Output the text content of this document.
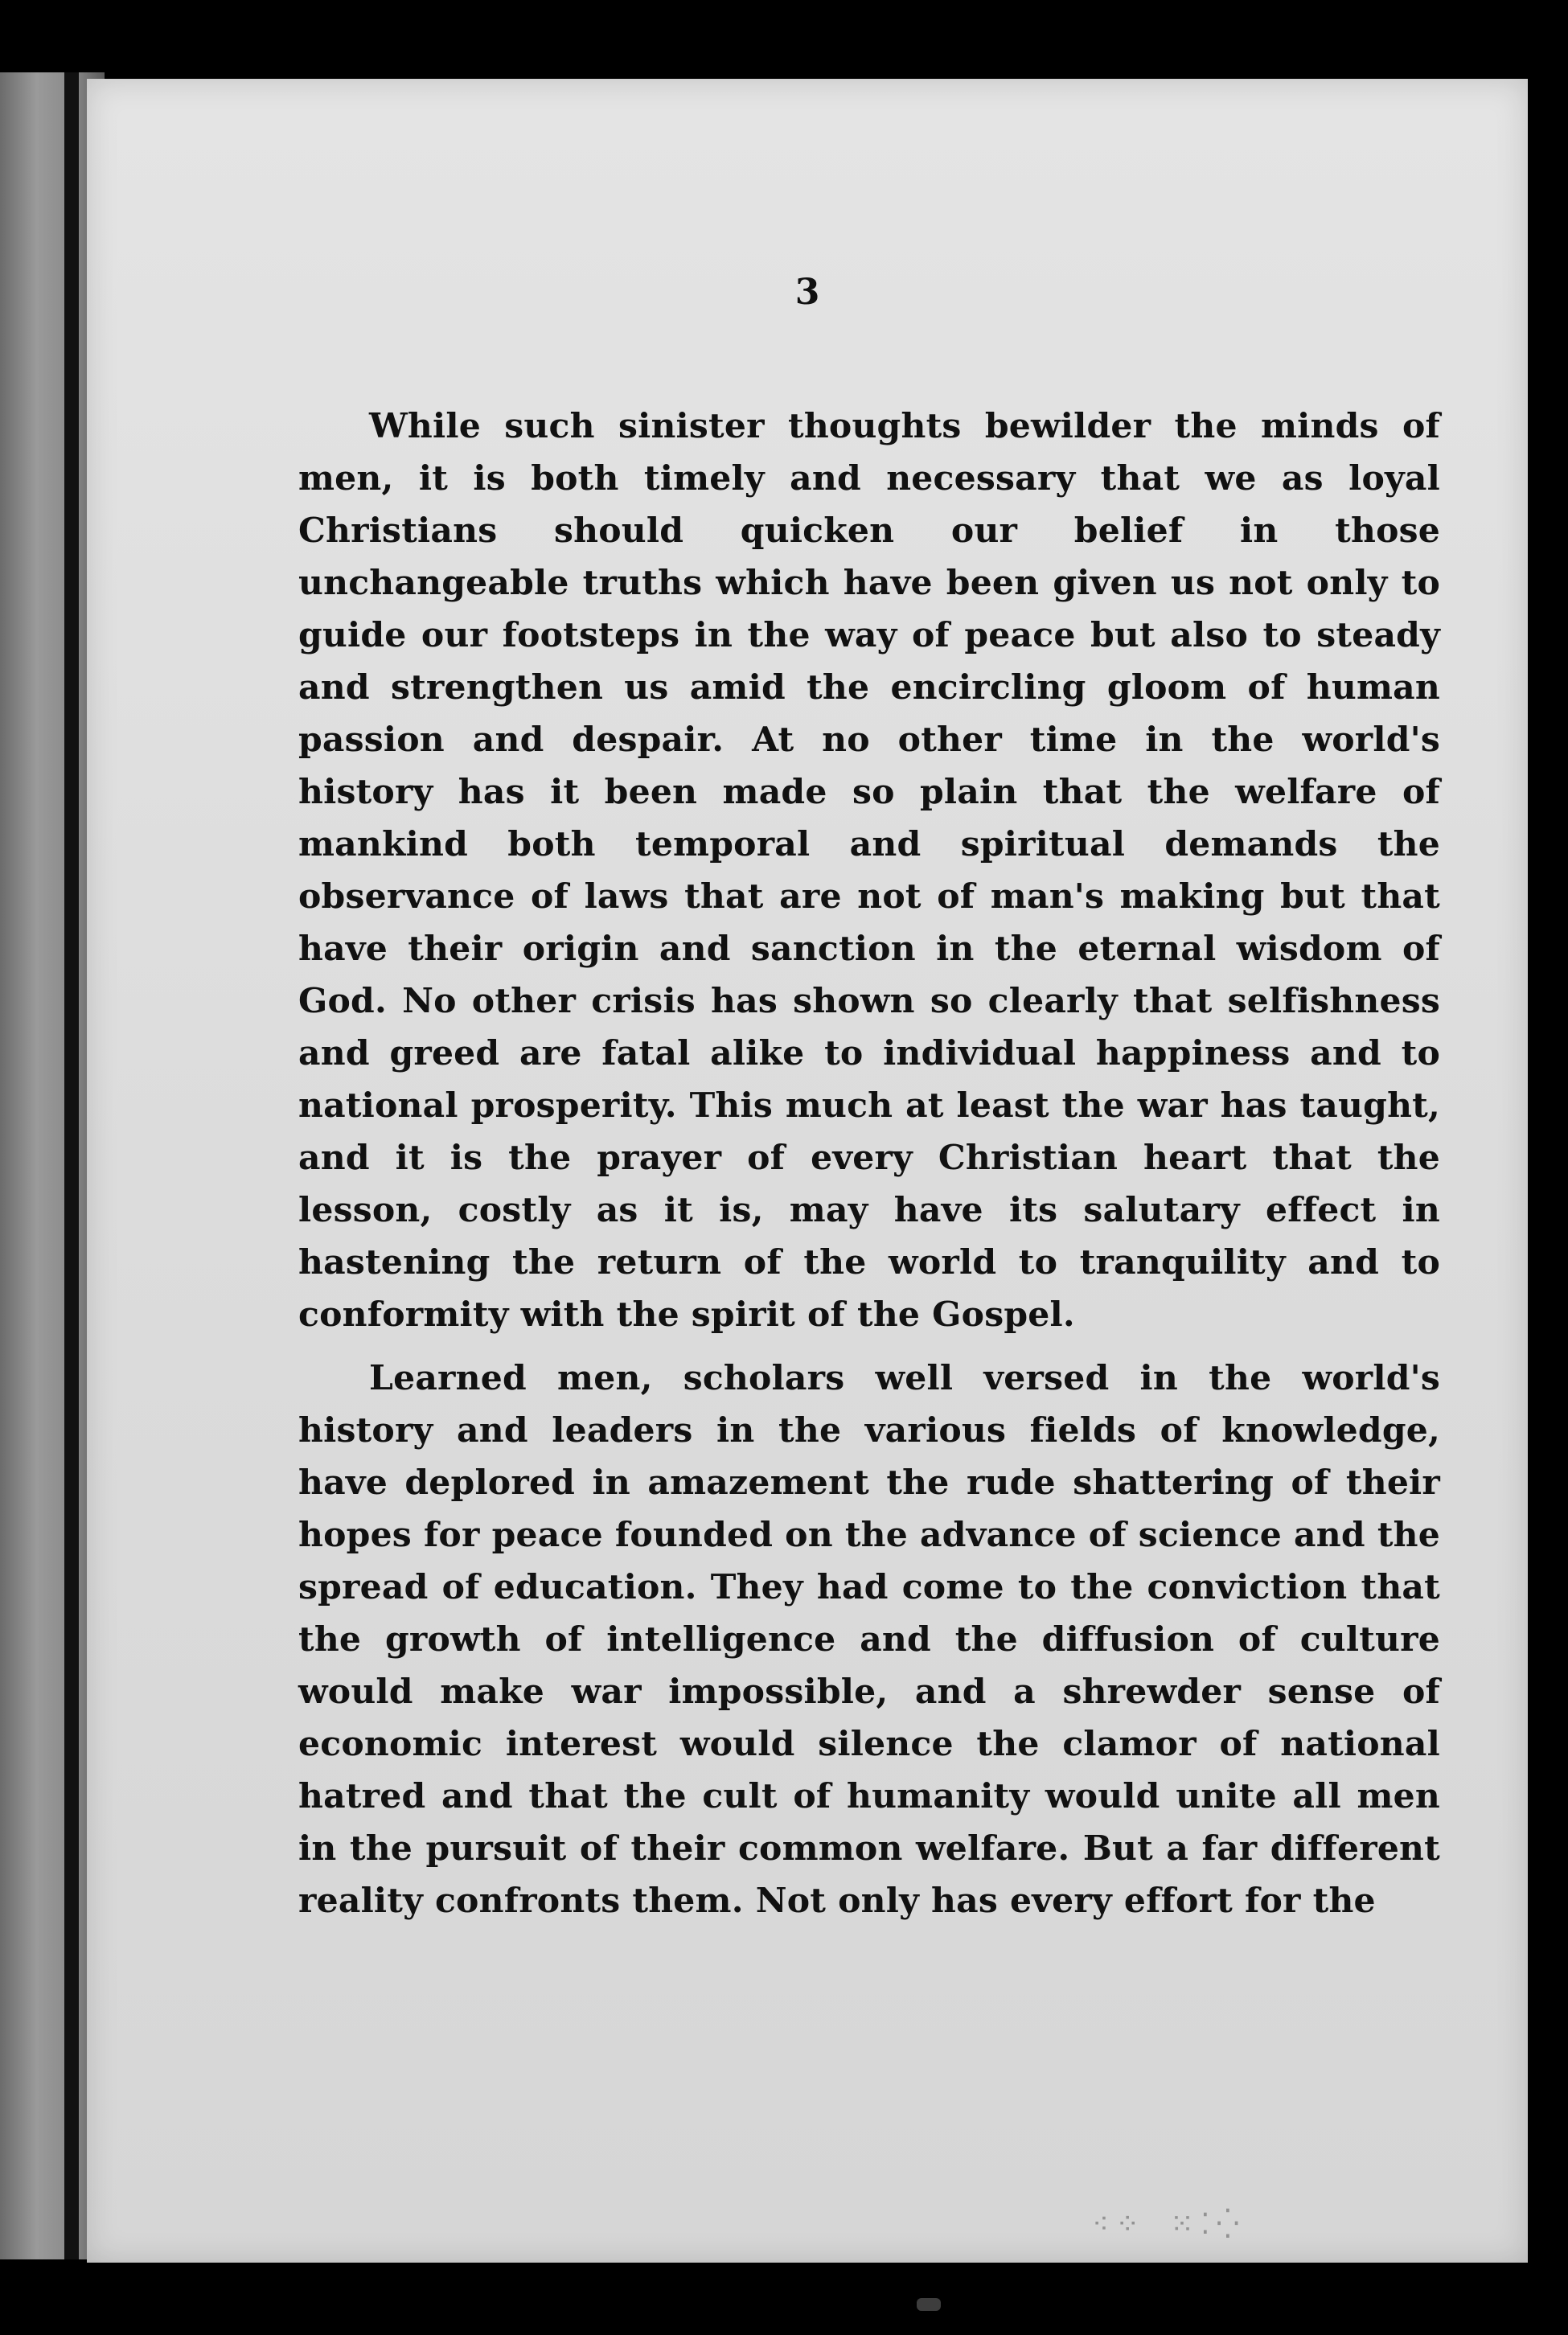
3

While such sinister thoughts bewilder the minds of men, it is both timely and necessary that we as loyal Christians should quicken our belief in those unchangeable truths which have been given us not only to guide our footsteps in the way of peace but also to steady and strengthen us amid the encircling gloom of human passion and despair. At no other time in the world's history has it been made so plain that the welfare of mankind both temporal and spiritual demands the observance of laws that are not of man's making but that have their origin and sanction in the eternal wisdom of God. No other crisis has shown so clearly that selfishness and greed are fatal alike to individual happiness and to national prosperity. This much at least the war has taught, and it is the prayer of every Christian heart that the lesson, costly as it is, may have its salutary effect in hastening the return of the world to tranquility and to conformity with the spirit of the Gospel.

Learned men, scholars well versed in the world's history and leaders in the various fields of knowledge, have deplored in amazement the rude shattering of their hopes for peace founded on the advance of science and the spread of education. They had come to the conviction that the growth of intelligence and the diffusion of culture would make war impossible, and a shrewder sense of economic interest would silence the clamor of national hatred and that the cult of humanity would unite all men in the pursuit of their common welfare. But a far different reality confronts them. Not only has every effort for the

⁖⁘ ⁙⁚⁛
